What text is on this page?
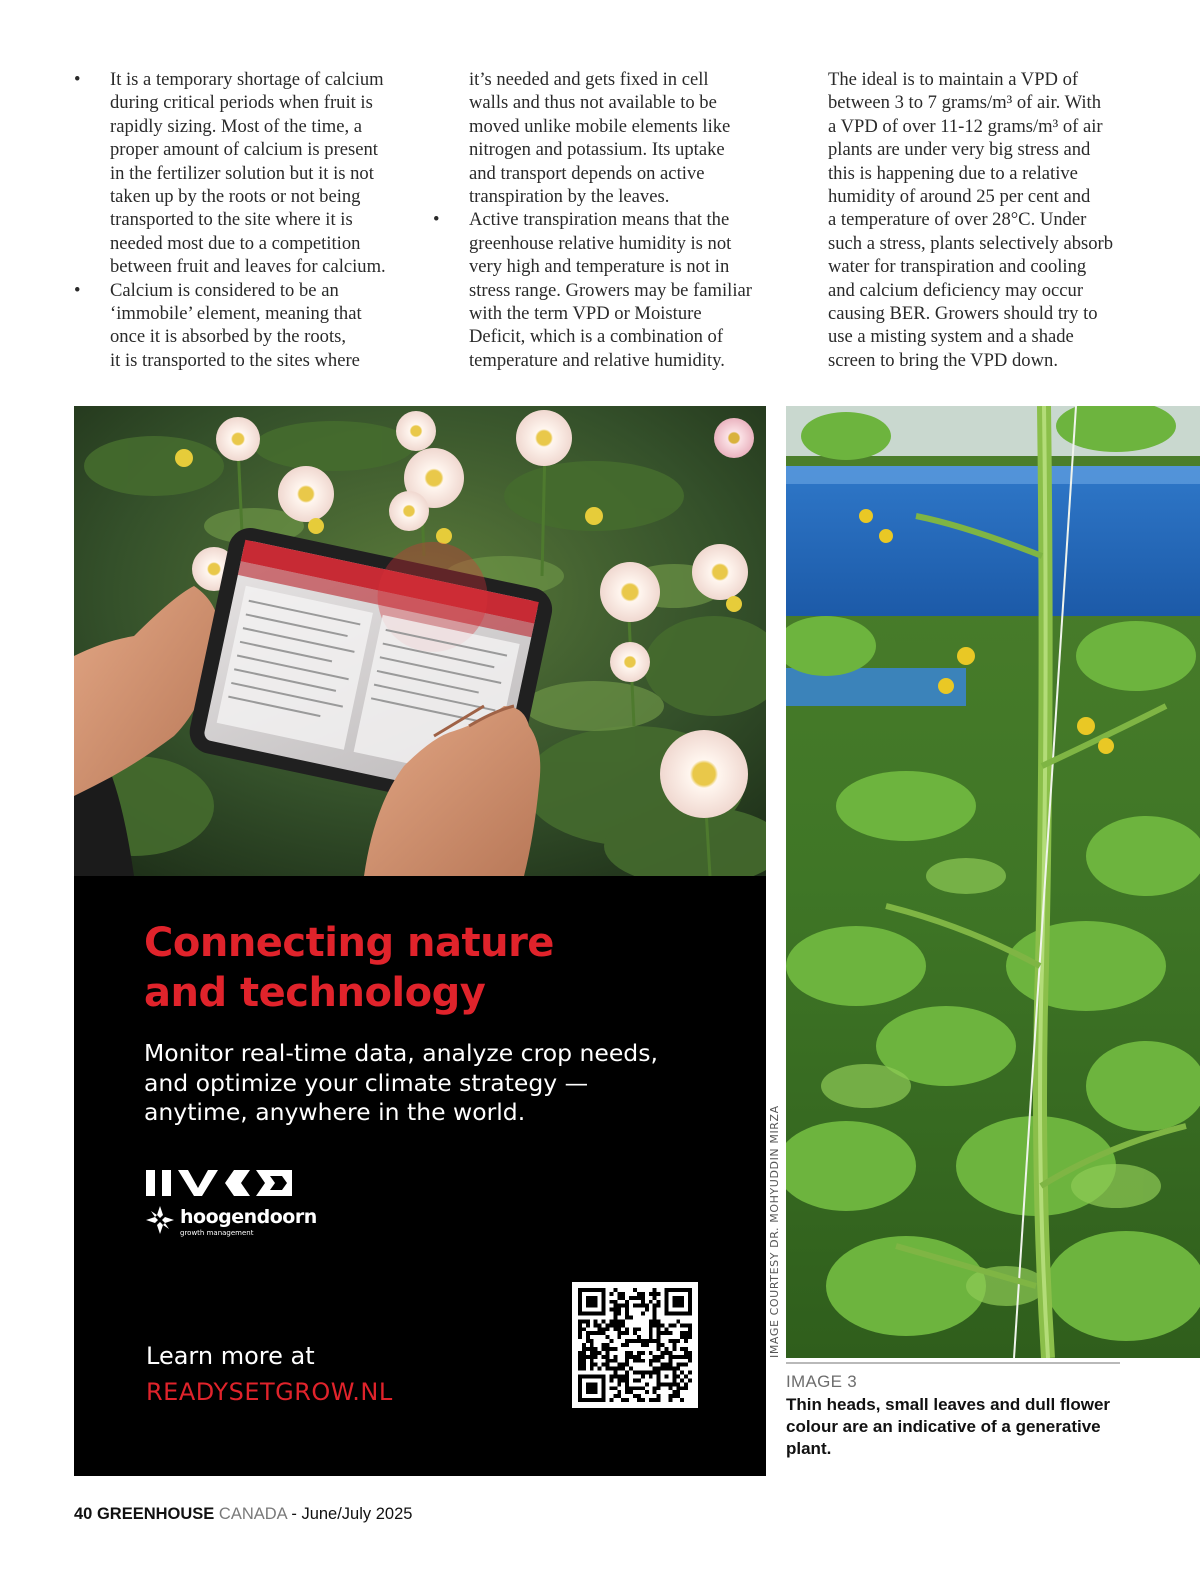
• It is a temporary shortage of calcium
during critical periods when fruit is
rapidly sizing. Most of the time, a
proper amount of calcium is present
in the fertilizer solution but it is not
taken up by the roots or not being
transported to the site where it is
needed most due to a competition
between fruit and leaves for calcium.
• Calcium is considered to be an
‘immobile’ element, meaning that
once it is absorbed by the roots,
it is transported to the sites where
it’s needed and gets fixed in cell
walls and thus not available to be
moved unlike mobile elements like
nitrogen and potassium. Its uptake
and transport depends on active
transpiration by the leaves.
• Active transpiration means that the
greenhouse relative humidity is not
very high and temperature is not in
stress range. Growers may be familiar
with the term VPD or Moisture
Deficit, which is a combination of
temperature and relative humidity.
The ideal is to maintain a VPD of
between 3 to 7 grams/m³ of air. With
a VPD of over 11-12 grams/m³ of air
plants are under very big stress and
this is happening due to a relative
humidity of around 25 per cent and
a temperature of over 28°C. Under
such a stress, plants selectively absorb
water for transpiration and cooling
and calcium deficiency may occur
causing BER. Growers should try to
use a misting system and a shade
screen to bring the VPD down.
Connecting nature
and technology
Monitor real-time data, analyze crop needs,
and optimize your climate strategy —
anytime, anywhere in the world.
hoogendoorn
growth management
Learn more at
READYSETGROW.NL
IMAGE COURTESY DR. MOHYUDDIN MIRZA
IMAGE 3
Thin heads, small leaves and dull flower colour are an indicative of a generative plant.
40 GREENHOUSE CANADA - June/July 2025
